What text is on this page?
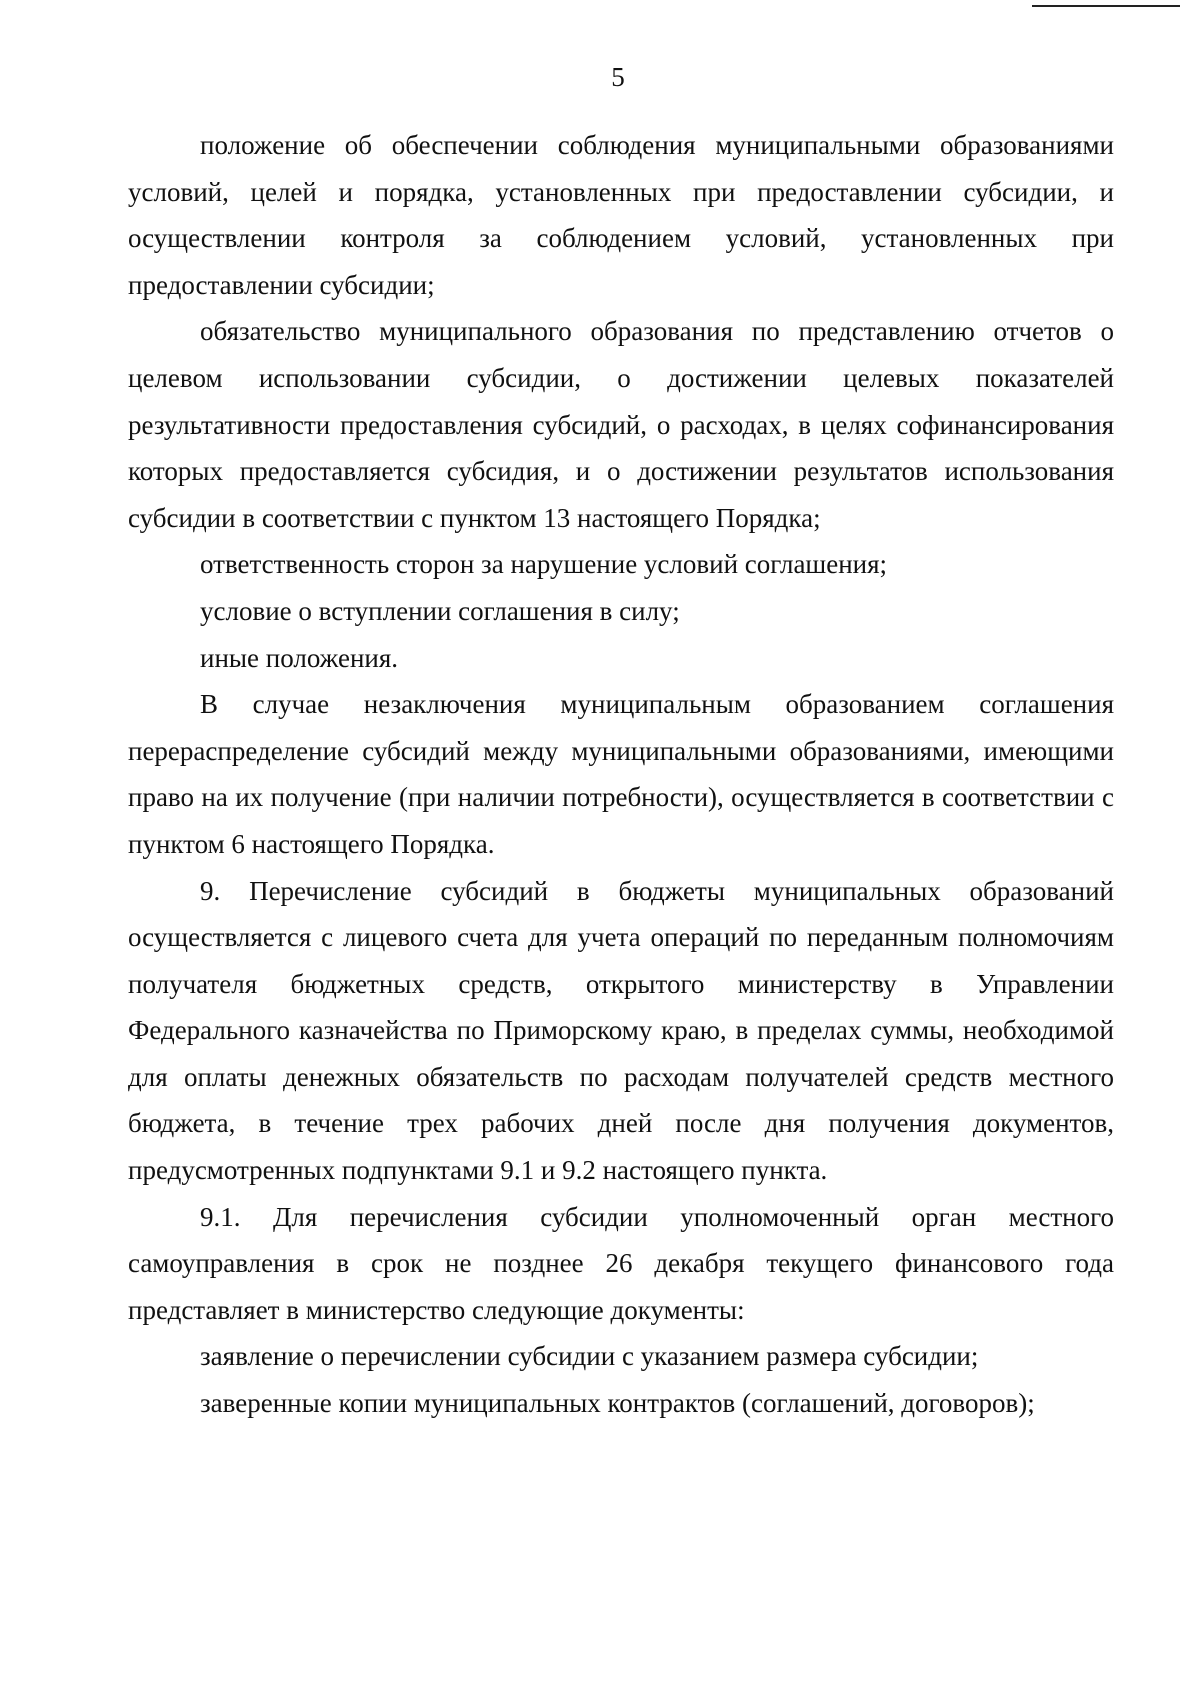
5

положение об обеспечении соблюдения муниципальными образованиями условий, целей и порядка, установленных при предоставлении субсидии, и осуществлении контроля за соблюдением условий, установленных при предоставлении субсидии;

обязательство муниципального образования по представлению отчетов о целевом использовании субсидии, о достижении целевых показателей результативности предоставления субсидий, о расходах, в целях софинансирования которых предоставляется субсидия, и о достижении результатов использования субсидии в соответствии с пунктом 13 настоящего Порядка;

ответственность сторон за нарушение условий соглашения;

условие о вступлении соглашения в силу;

иные положения.

В случае незаключения муниципальным образованием соглашения перераспределение субсидий между муниципальными образованиями, имеющими право на их получение (при наличии потребности), осуществляется в соответствии с пунктом 6 настоящего Порядка.

9. Перечисление субсидий в бюджеты муниципальных образований осуществляется с лицевого счета для учета операций по переданным полномочиям получателя бюджетных средств, открытого министерству в Управлении Федерального казначейства по Приморскому краю, в пределах суммы, необходимой для оплаты денежных обязательств по расходам получателей средств местного бюджета, в течение трех рабочих дней после дня получения документов, предусмотренных подпунктами 9.1 и 9.2 настоящего пункта.

9.1. Для перечисления субсидии уполномоченный орган местного самоуправления в срок не позднее 26 декабря текущего финансового года представляет в министерство следующие документы:

заявление о перечислении субсидии с указанием размера субсидии;

заверенные копии муниципальных контрактов (соглашений, договоров);
